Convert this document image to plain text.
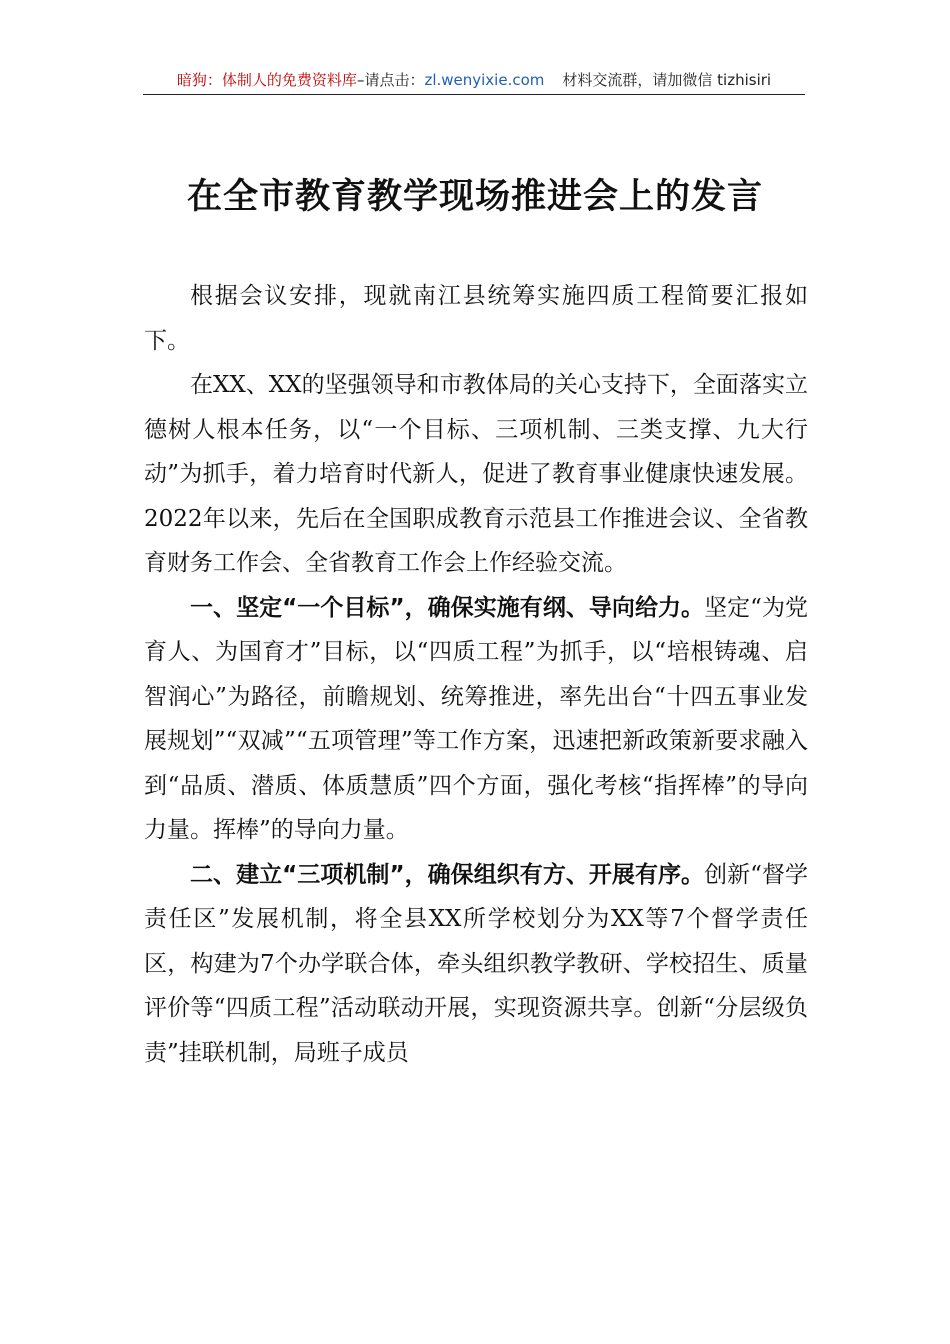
暗狗：体制人的免费资料库–请点击：zl.wenyixie.com 材料交流群，请加微信 tizhisiri
在全市教育教学现场推进会上的发言

根据会议安排，现就南江县统筹实施四质工程简要汇报如下。

在XX、XX的坚强领导和市教体局的关心支持下，全面落实立德树人根本任务，以“一个目标、三项机制、三类支撑、九大行动”为抓手，着力培育时代新人，促进了教育事业健康快速发展。2022年以来，先后在全国职成教育示范县工作推进会议、全省教育财务工作会、全省教育工作会上作经验交流。

一、坚定“一个目标”，确保实施有纲、导向给力。坚定“为党育人、为国育才”目标，以“四质工程”为抓手，以“培根铸魂、启智润心”为路径，前瞻规划、统筹推进，率先出台“十四五事业发展规划”“双减”“五项管理”等工作方案，迅速把新政策新要求融入到“品质、潜质、体质慧质”四个方面，强化考核“指挥棒”的导向力量。挥棒”的导向力量。

二、建立“三项机制”，确保组织有方、开展有序。创新“督学责任区”发展机制，将全县XX所学校划分为XX等7个督学责任区，构建为7个办学联合体，牵头组织教学教研、学校招生、质量评价等“四质工程”活动联动开展，实现资源共享。创新“分层级负责”挂联机制，局班子成员
